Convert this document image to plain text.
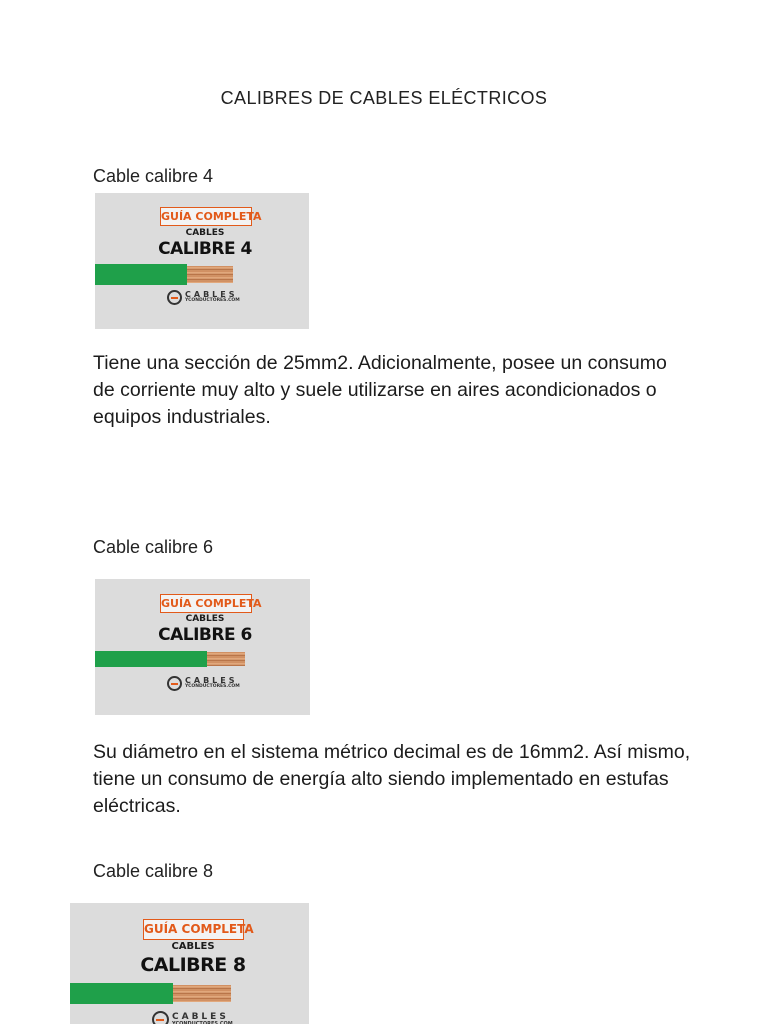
CALIBRES DE CABLES ELÉCTRICOS
Cable calibre 4
GUÍA COMPLETA
CABLES
CALIBRE 4
CABLES
YCONDUCTORES.COM
Tiene una sección de 25mm2. Adicionalmente, posee un consumo de corriente muy alto y suele utilizarse en aires acondicionados o equipos industriales.
Cable calibre 6
GUÍA COMPLETA
CABLES
CALIBRE 6
CABLES
YCONDUCTORES.COM
Su diámetro en el sistema métrico decimal es de 16mm2. Así mismo, tiene un consumo de energía alto siendo implementado en estufas eléctricas.
Cable calibre 8
GUÍA COMPLETA
CABLES
CALIBRE 8
CABLES
YCONDUCTORES.COM
